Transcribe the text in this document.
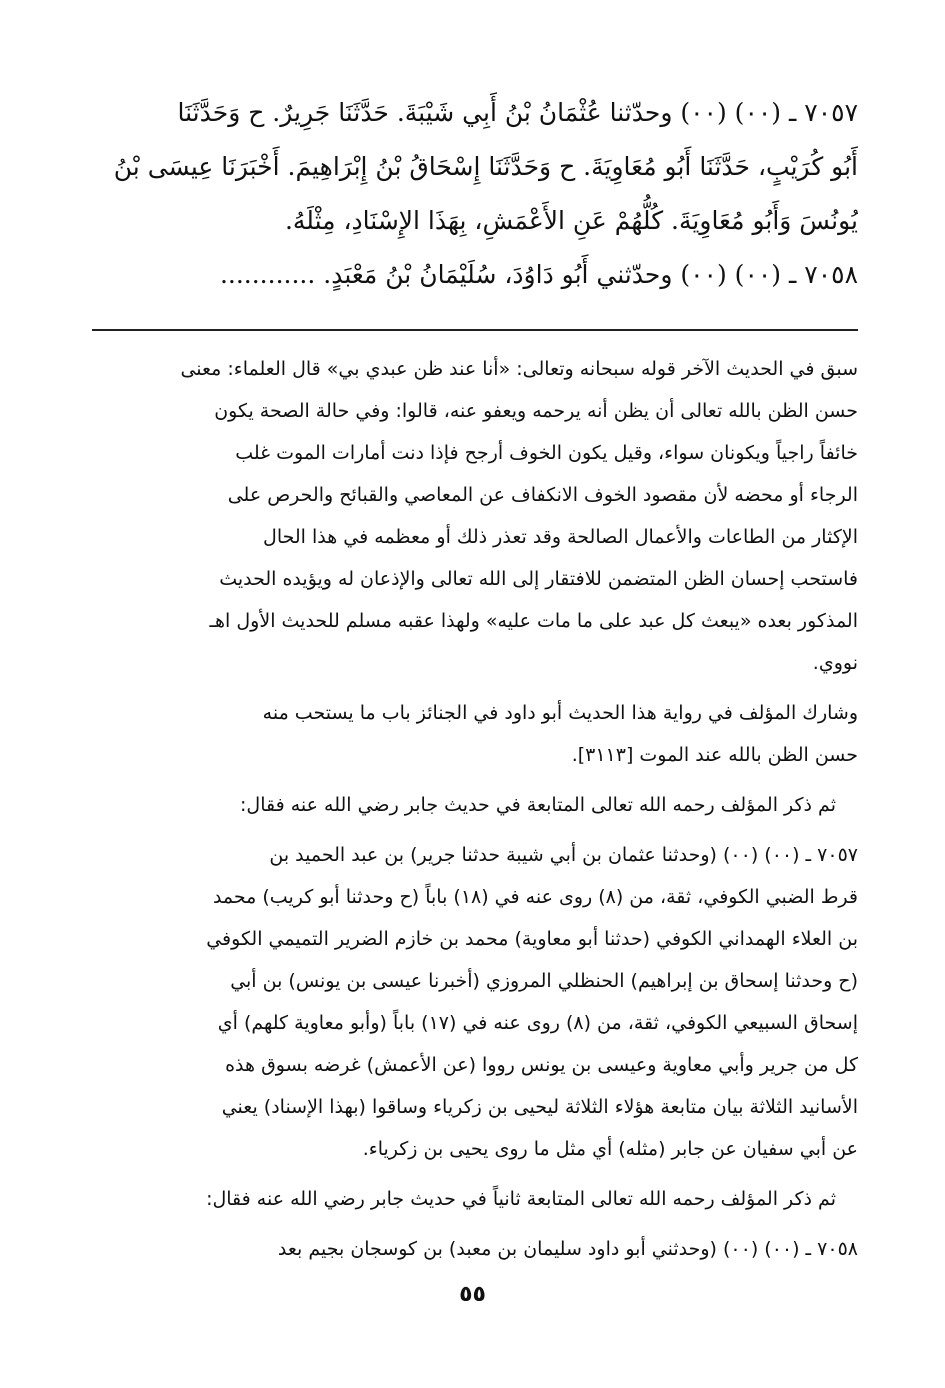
٧٠٥٧ ـ (٠٠) (٠٠) وحدّثنا عُثْمَانُ بْنُ أَبِي شَيْبَةَ. حَدَّثَنَا جَرِيرٌ. ح وَحَدَّثَنَا
أَبُو كُرَيْبٍ، حَدَّثَنَا أَبُو مُعَاوِيَةَ. ح وَحَدَّثَنَا إِسْحَاقُ بْنُ إِبْرَاهِيمَ. أَخْبَرَنَا عِيسَى بْنُ
يُونُسَ وَأَبُو مُعَاوِيَةَ. كُلُّهُمْ عَنِ الأَعْمَشِ، بِهَذَا الإِسْنَادِ، مِثْلَهُ.
٧٠٥٨ ـ (٠٠) (٠٠) وحدّثني أَبُو دَاوُدَ، سُلَيْمَانُ بْنُ مَعْبَدٍ. ............
سبق في الحديث الآخر قوله سبحانه وتعالى: «أنا عند ظن عبدي بي» قال العلماء: معنى
حسن الظن بالله تعالى أن يظن أنه يرحمه ويعفو عنه، قالوا: وفي حالة الصحة يكون
خائفاً راجياً ويكونان سواء، وقيل يكون الخوف أرجح فإذا دنت أمارات الموت غلب
الرجاء أو محضه لأن مقصود الخوف الانكفاف عن المعاصي والقبائح والحرص على
الإكثار من الطاعات والأعمال الصالحة وقد تعذر ذلك أو معظمه في هذا الحال
فاستحب إحسان الظن المتضمن للافتقار إلى الله تعالى والإذعان له ويؤيده الحديث
المذكور بعده «يبعث كل عبد على ما مات عليه» ولهذا عقبه مسلم للحديث الأول اهـ
نووي.
وشارك المؤلف في رواية هذا الحديث أبو داود في الجنائز باب ما يستحب منه
حسن الظن بالله عند الموت [٣١١٣].
ثم ذكر المؤلف رحمه الله تعالى المتابعة في حديث جابر رضي الله عنه فقال:
٧٠٥٧ ـ (٠٠) (٠٠) (وحدثنا عثمان بن أبي شيبة حدثنا جرير) بن عبد الحميد بن
قرط الضبي الكوفي، ثقة، من (٨) روى عنه في (١٨) باباً (ح وحدثنا أبو كريب) محمد
بن العلاء الهمداني الكوفي (حدثنا أبو معاوية) محمد بن خازم الضرير التميمي الكوفي
(ح وحدثنا إسحاق بن إبراهيم) الحنظلي المروزي (أخبرنا عيسى بن يونس) بن أبي
إسحاق السبيعي الكوفي، ثقة، من (٨) روى عنه في (١٧) باباً (وأبو معاوية كلهم) أي
كل من جرير وأبي معاوية وعيسى بن يونس رووا (عن الأعمش) غرضه بسوق هذه
الأسانيد الثلاثة بيان متابعة هؤلاء الثلاثة ليحيى بن زكرياء وساقوا (بهذا الإسناد) يعني
عن أبي سفيان عن جابر (مثله) أي مثل ما روى يحيى بن زكرياء.
ثم ذكر المؤلف رحمه الله تعالى المتابعة ثانياً في حديث جابر رضي الله عنه فقال:
٧٠٥٨ ـ (٠٠) (٠٠) (وحدثني أبو داود سليمان بن معبد) بن كوسجان بجيم بعد
٥٥
